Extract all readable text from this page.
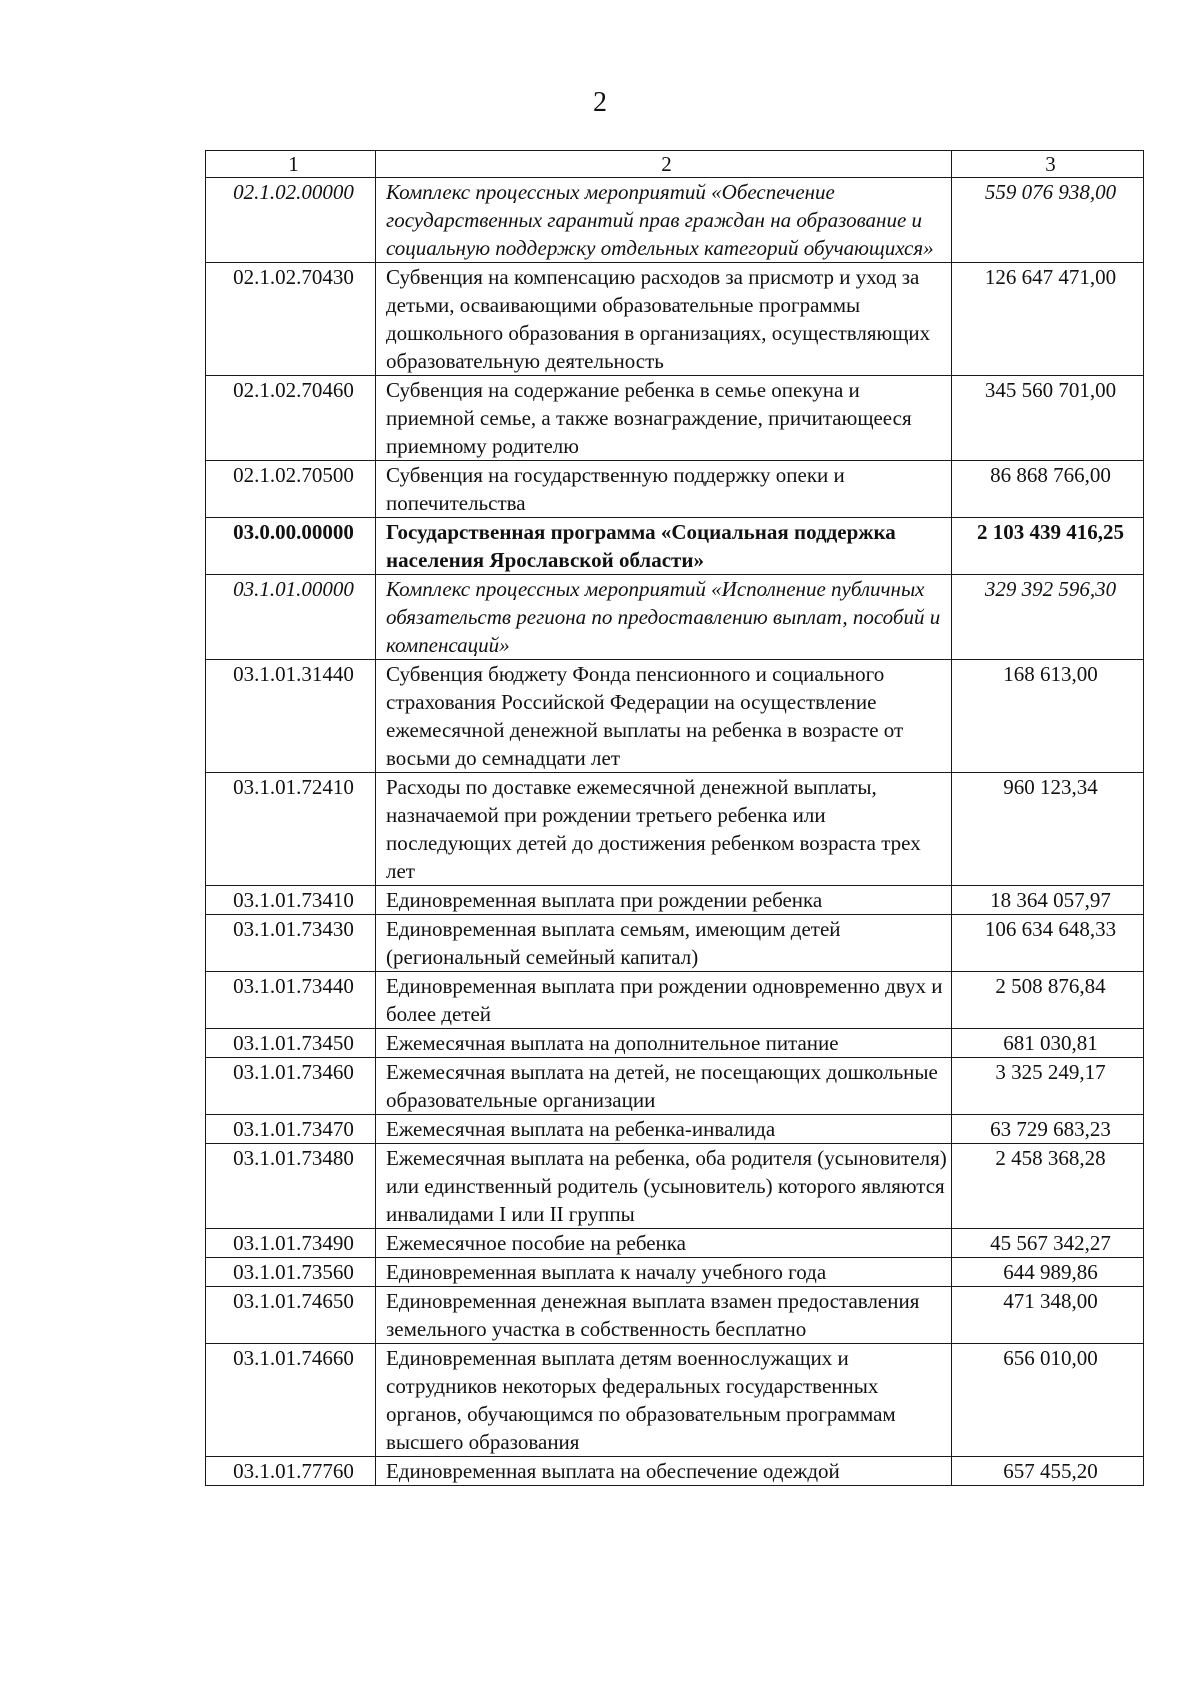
2
1	2	3
02.1.02.00000	Комплекс процессных мероприятий «Обеспечение государственных гарантий прав граждан на образование и социальную поддержку отдельных категорий обучающихся»	559 076 938,00
02.1.02.70430	Субвенция на компенсацию расходов за присмотр и уход за детьми, осваивающими образовательные программы дошкольного образования в организациях, осуществляющих образовательную деятельность	126 647 471,00
02.1.02.70460	Субвенция на содержание ребенка в семье опекуна и приемной семье, а также вознаграждение, причитающееся приемному родителю	345 560 701,00
02.1.02.70500	Субвенция на государственную поддержку опеки и попечительства	86 868 766,00
03.0.00.00000	Государственная программа «Социальная поддержка населения Ярославской области»	2 103 439 416,25
03.1.01.00000	Комплекс процессных мероприятий «Исполнение публичных обязательств региона по предоставлению выплат, пособий и компенсаций»	329 392 596,30
03.1.01.31440	Субвенция бюджету Фонда пенсионного и социального страхования Российской Федерации на осуществление ежемесячной денежной выплаты на ребенка в возрасте от восьми до семнадцати лет	168 613,00
03.1.01.72410	Расходы по доставке ежемесячной денежной выплаты, назначаемой при рождении третьего ребенка или последующих детей до достижения ребенком возраста трех лет	960 123,34
03.1.01.73410	Единовременная выплата при рождении ребенка	18 364 057,97
03.1.01.73430	Единовременная выплата семьям, имеющим детей (региональный семейный капитал)	106 634 648,33
03.1.01.73440	Единовременная выплата при рождении одновременно двух и более детей	2 508 876,84
03.1.01.73450	Ежемесячная выплата на дополнительное питание	681 030,81
03.1.01.73460	Ежемесячная выплата на детей, не посещающих дошкольные образовательные организации	3 325 249,17
03.1.01.73470	Ежемесячная выплата на ребенка-инвалида	63 729 683,23
03.1.01.73480	Ежемесячная выплата на ребенка, оба родителя (усыновителя) или единственный родитель (усыновитель) которого являются инвалидами I или II группы	2 458 368,28
03.1.01.73490	Ежемесячное пособие на ребенка	45 567 342,27
03.1.01.73560	Единовременная выплата к началу учебного года	644 989,86
03.1.01.74650	Единовременная денежная выплата взамен предоставления земельного участка в собственность бесплатно	471 348,00
03.1.01.74660	Единовременная выплата детям военнослужащих и сотрудников некоторых федеральных государственных органов, обучающимся по образовательным программам высшего образования	656 010,00
03.1.01.77760	Единовременная выплата на обеспечение одеждой	657 455,20
